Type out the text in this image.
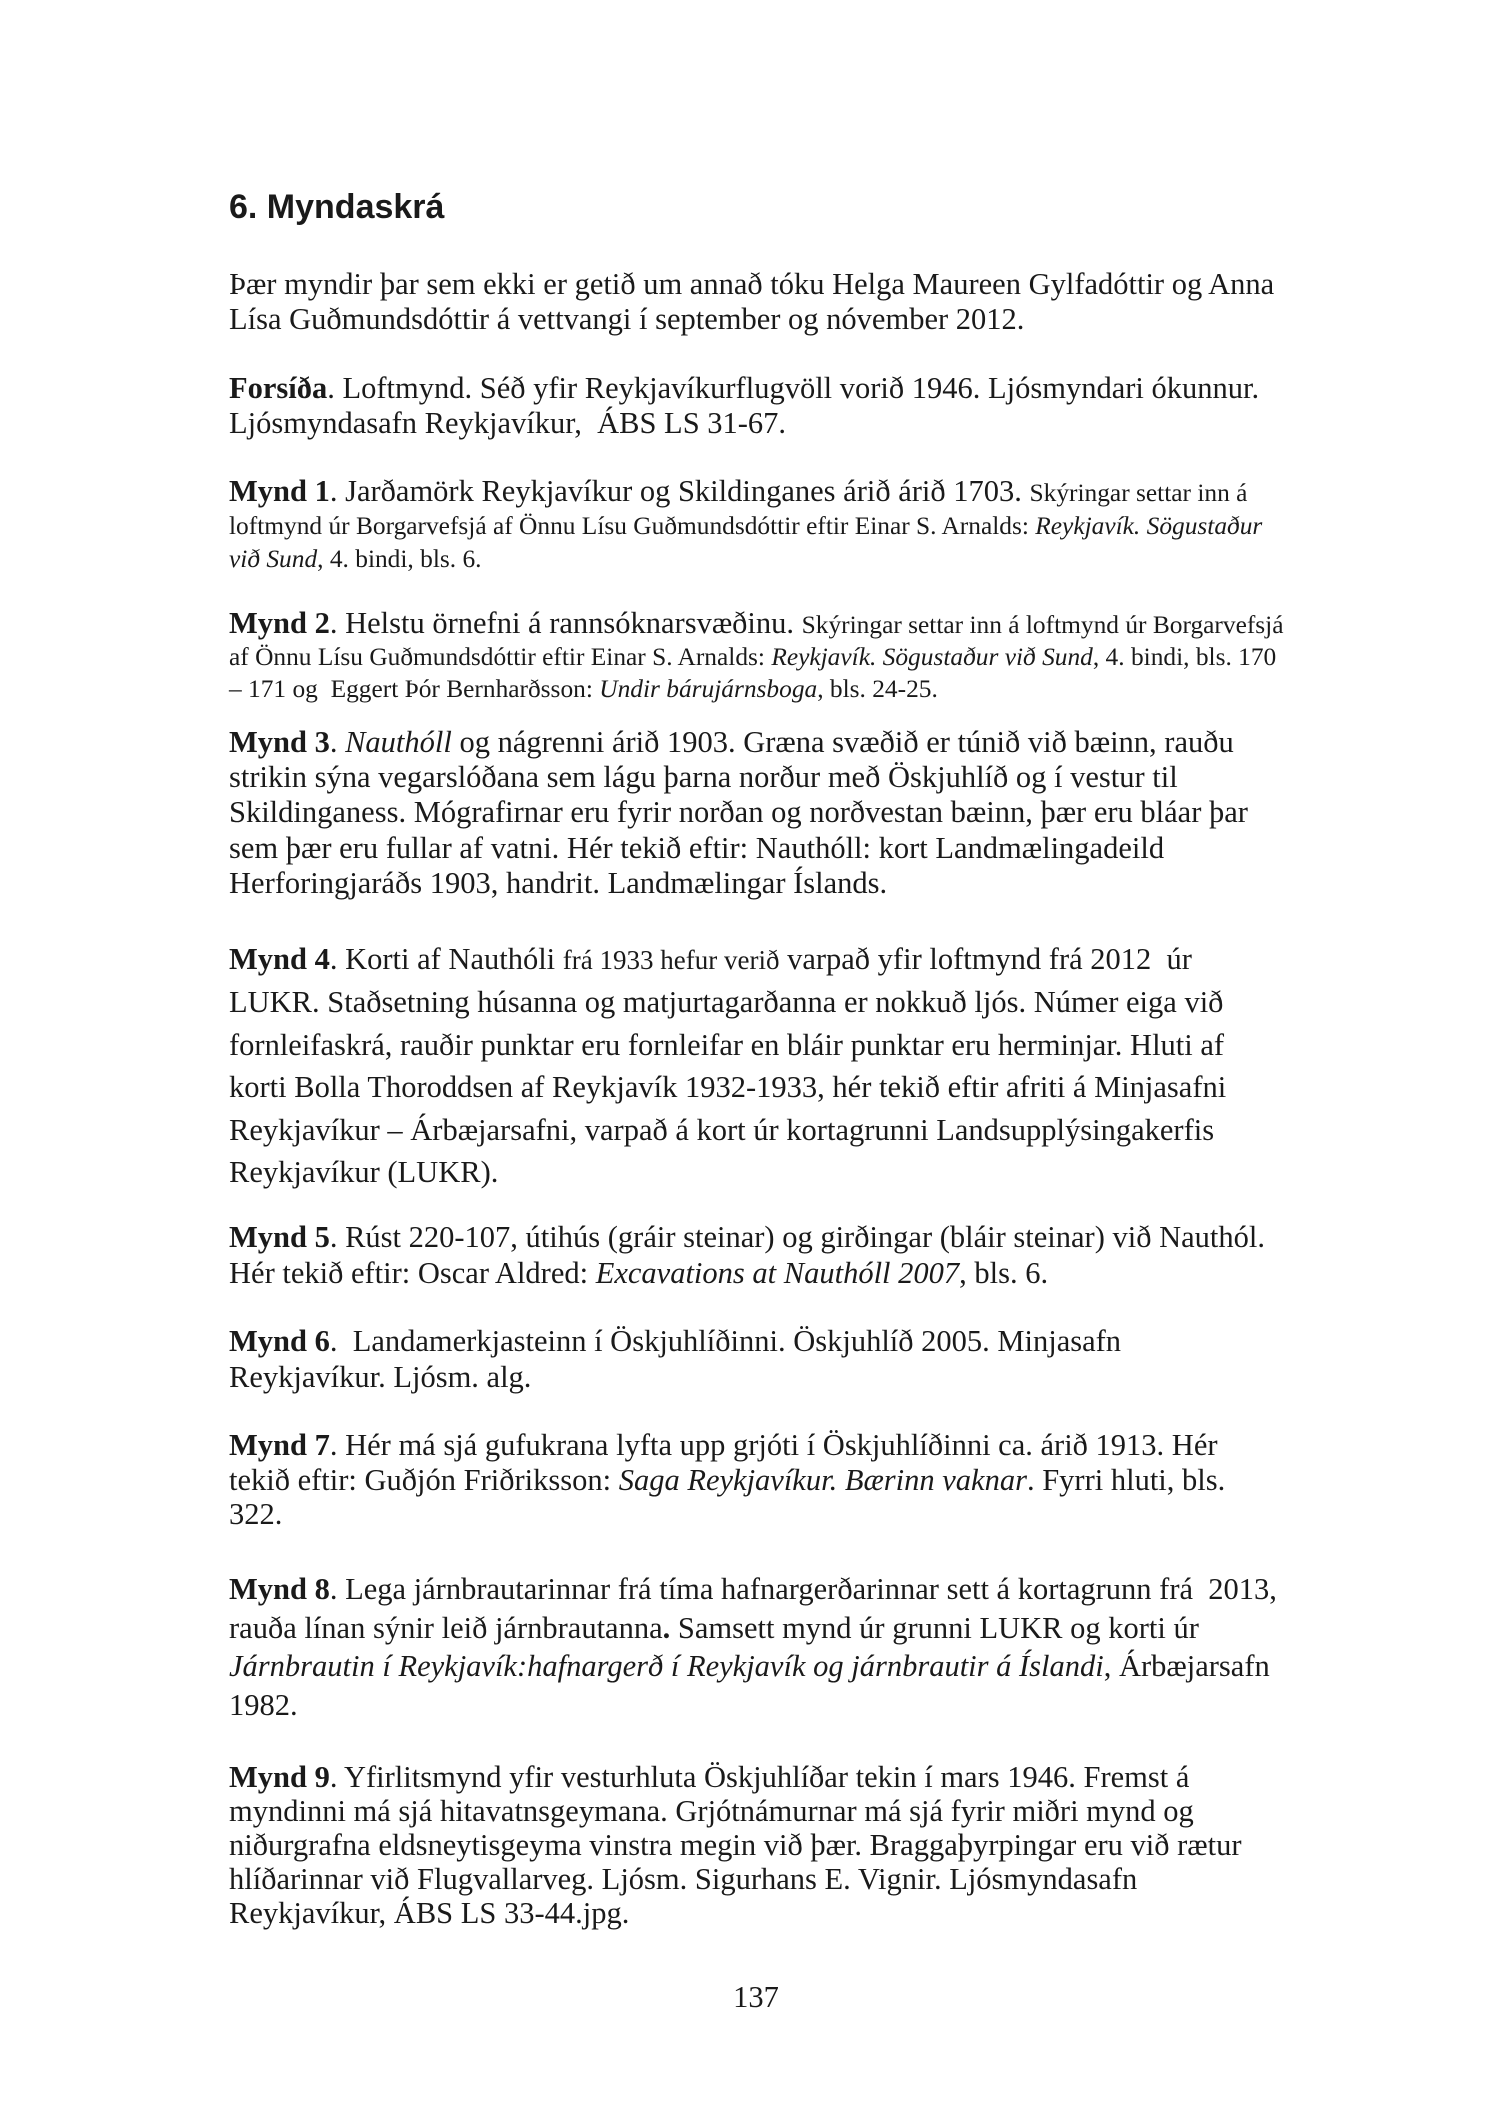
6. Myndaskrá
Þær myndir þar sem ekki er getið um annað tóku Helga Maureen Gylfadóttir og Anna
Lísa Guðmundsdóttir á vettvangi í september og nóvember 2012.
Forsíða. Loftmynd. Séð yfir Reykjavíkurflugvöll vorið 1946. Ljósmyndari ókunnur.
Ljósmyndasafn Reykjavíkur,  ÁBS LS 31-67.
Mynd 1. Jarðamörk Reykjavíkur og Skildinganes árið árið 1703. Skýringar settar inn á
loftmynd úr Borgarvefsjá af Önnu Lísu Guðmundsdóttir eftir Einar S. Arnalds: Reykjavík. Sögustaður
við Sund, 4. bindi, bls. 6.
Mynd 2. Helstu örnefni á rannsóknarsvæðinu. Skýringar settar inn á loftmynd úr Borgarvefsjá
af Önnu Lísu Guðmundsdóttir eftir Einar S. Arnalds: Reykjavík. Sögustaður við Sund, 4. bindi, bls. 170
– 171 og  Eggert Þór Bernharðsson: Undir bárujárnsboga, bls. 24-25.
Mynd 3. Nauthóll og nágrenni árið 1903. Græna svæðið er túnið við bæinn, rauðu
strikin sýna vegarslóðana sem lágu þarna norður með Öskjuhlíð og í vestur til
Skildinganess. Mógrafirnar eru fyrir norðan og norðvestan bæinn, þær eru bláar þar
sem þær eru fullar af vatni. Hér tekið eftir: Nauthóll: kort Landmælingadeild
Herforingjaráðs 1903, handrit. Landmælingar Íslands.
Mynd 4. Korti af Nauthóli frá 1933 hefur verið varpað yfir loftmynd frá 2012  úr
LUKR. Staðsetning húsanna og matjurtagarðanna er nokkuð ljós. Númer eiga við
fornleifaskrá, rauðir punktar eru fornleifar en bláir punktar eru herminjar. Hluti af
korti Bolla Thoroddsen af Reykjavík 1932-1933, hér tekið eftir afriti á Minjasafni
Reykjavíkur – Árbæjarsafni, varpað á kort úr kortagrunni Landsupplýsingakerfis
Reykjavíkur (LUKR).
Mynd 5. Rúst 220-107, útihús (gráir steinar) og girðingar (bláir steinar) við Nauthól.
Hér tekið eftir: Oscar Aldred: Excavations at Nauthóll 2007, bls. 6.
Mynd 6.  Landamerkjasteinn í Öskjuhlíðinni. Öskjuhlíð 2005. Minjasafn
Reykjavíkur. Ljósm. alg.
Mynd 7. Hér má sjá gufukrana lyfta upp grjóti í Öskjuhlíðinni ca. árið 1913. Hér
tekið eftir: Guðjón Friðriksson: Saga Reykjavíkur. Bærinn vaknar. Fyrri hluti, bls.
322.
Mynd 8. Lega járnbrautarinnar frá tíma hafnargerðarinnar sett á kortagrunn frá  2013,
rauða línan sýnir leið járnbrautanna. Samsett mynd úr grunni LUKR og korti úr
Járnbrautin í Reykjavík:hafnargerð í Reykjavík og járnbrautir á Íslandi, Árbæjarsafn
1982.
Mynd 9. Yfirlitsmynd yfir vesturhluta Öskjuhlíðar tekin í mars 1946. Fremst á
myndinni má sjá hitavatnsgeymana. Grjótnámurnar má sjá fyrir miðri mynd og
niðurgrafna eldsneytisgeyma vinstra megin við þær. Braggaþyrpingar eru við rætur
hlíðarinnar við Flugvallarveg. Ljósm. Sigurhans E. Vignir. Ljósmyndasafn
Reykjavíkur, ÁBS LS 33-44.jpg.
137
